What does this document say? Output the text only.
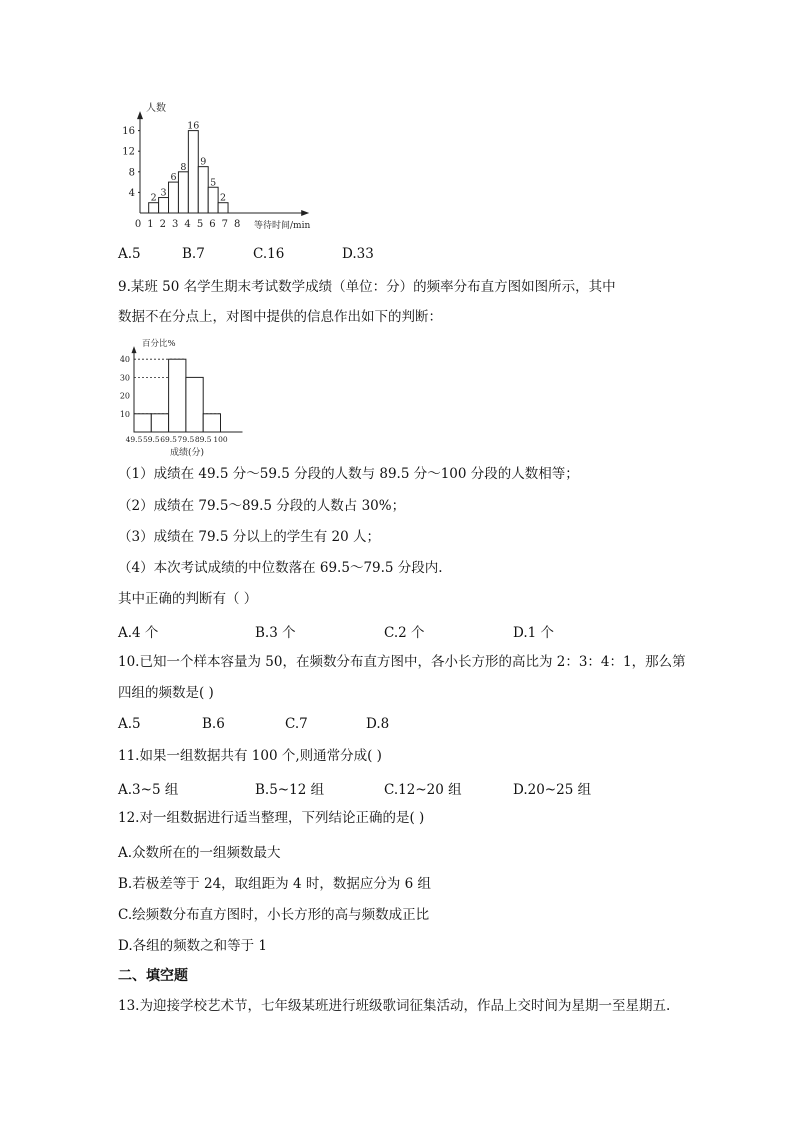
4
8
12
16
2 3
6
8
16
9
5
2
0 1 2 3 4 5 6 7 8
人数
等待时间/min
A.5	B.7	C.16	D.33
9.某班 50 名学生期末考试数学成绩（单位：分）的频率分布直方图如图所示，其中
数据不在分点上，对图中提供的信息作出如下的判断：
10
20
30
40
49.5 59.5 69.5 79.5 89.5 100
百分比%
成绩(分)
（1）成绩在 49.5 分～59.5 分段的人数与 89.5 分～100 分段的人数相等；
（2）成绩在 79.5～89.5 分段的人数占 30%；
（3）成绩在 79.5 分以上的学生有 20 人；
（4）本次考试成绩的中位数落在 69.5～79.5 分段内.
其中正确的判断有（ ）
A.4 个	B.3 个	C.2 个	D.1 个
10.已知一个样本容量为 50，在频数分布直方图中，各小长方形的高比为 2：3：4：1，那么第
四组的频数是( )
A.5	B.6	C.7	D.8
11.如果一组数据共有 100 个,则通常分成( )
A.3~5 组	B.5~12 组	C.12~20 组	D.20~25 组
12.对一组数据进行适当整理，下列结论正确的是( )
A.众数所在的一组频数最大
B.若极差等于 24，取组距为 4 时，数据应分为 6 组
C.绘频数分布直方图时，小长方形的高与频数成正比
D.各组的频数之和等于 1
二、填空题
13.为迎接学校艺术节，七年级某班进行班级歌词征集活动，作品上交时间为星期一至星期五.
